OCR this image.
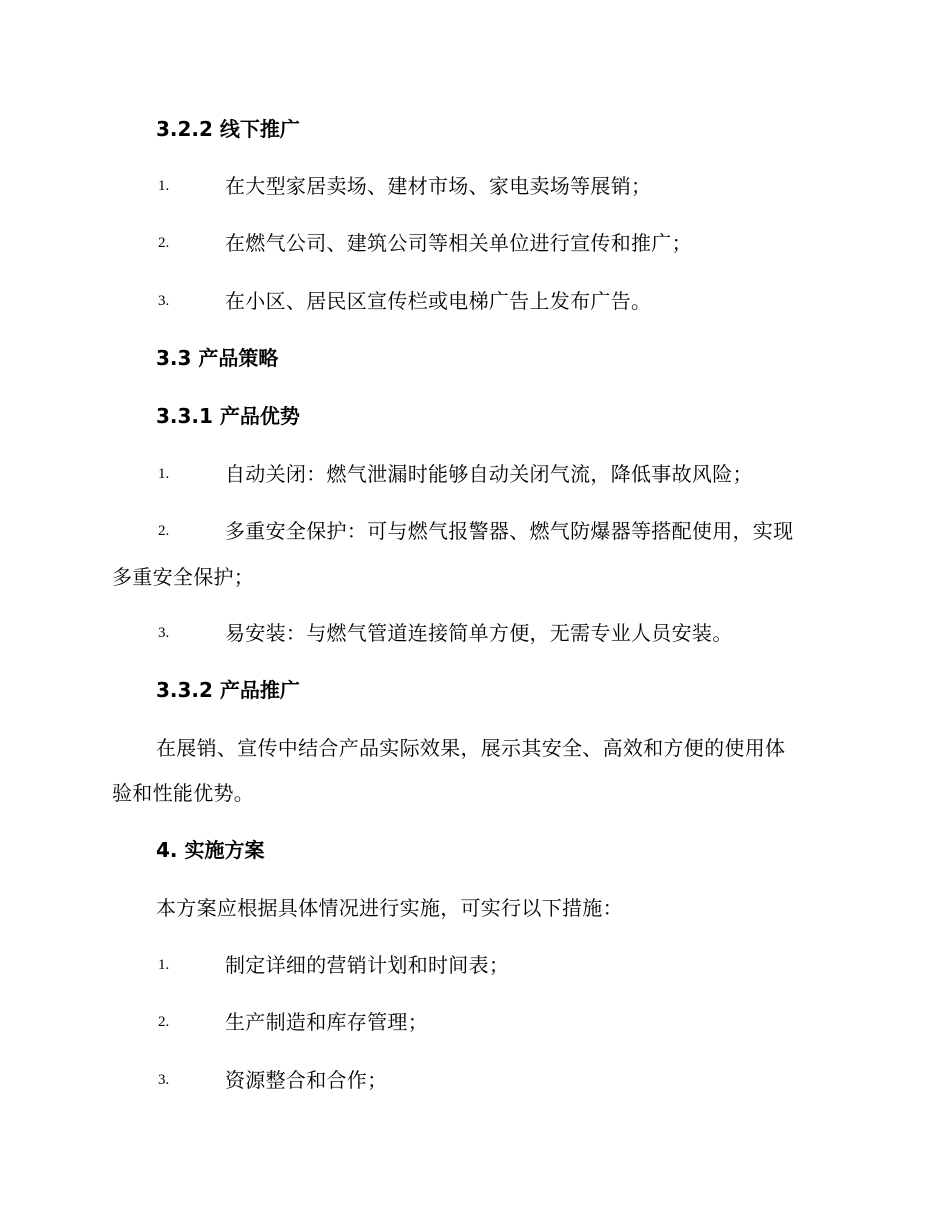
3.2.2 线下推广
1.	在大型家居卖场、建材市场、家电卖场等展销；
2.	在燃气公司、建筑公司等相关单位进行宣传和推广；
3.	在小区、居民区宣传栏或电梯广告上发布广告。
3.3 产品策略
3.3.1 产品优势
1.	自动关闭：燃气泄漏时能够自动关闭气流，降低事故风险；
2.	多重安全保护：可与燃气报警器、燃气防爆器等搭配使用，实现
多重安全保护；
3.	易安装：与燃气管道连接简单方便，无需专业人员安装。
3.3.2 产品推广
在展销、宣传中结合产品实际效果，展示其安全、高效和方便的使用体
验和性能优势。
4. 实施方案
本方案应根据具体情况进行实施，可实行以下措施：
1.	制定详细的营销计划和时间表；
2.	生产制造和库存管理；
3.	资源整合和合作；
